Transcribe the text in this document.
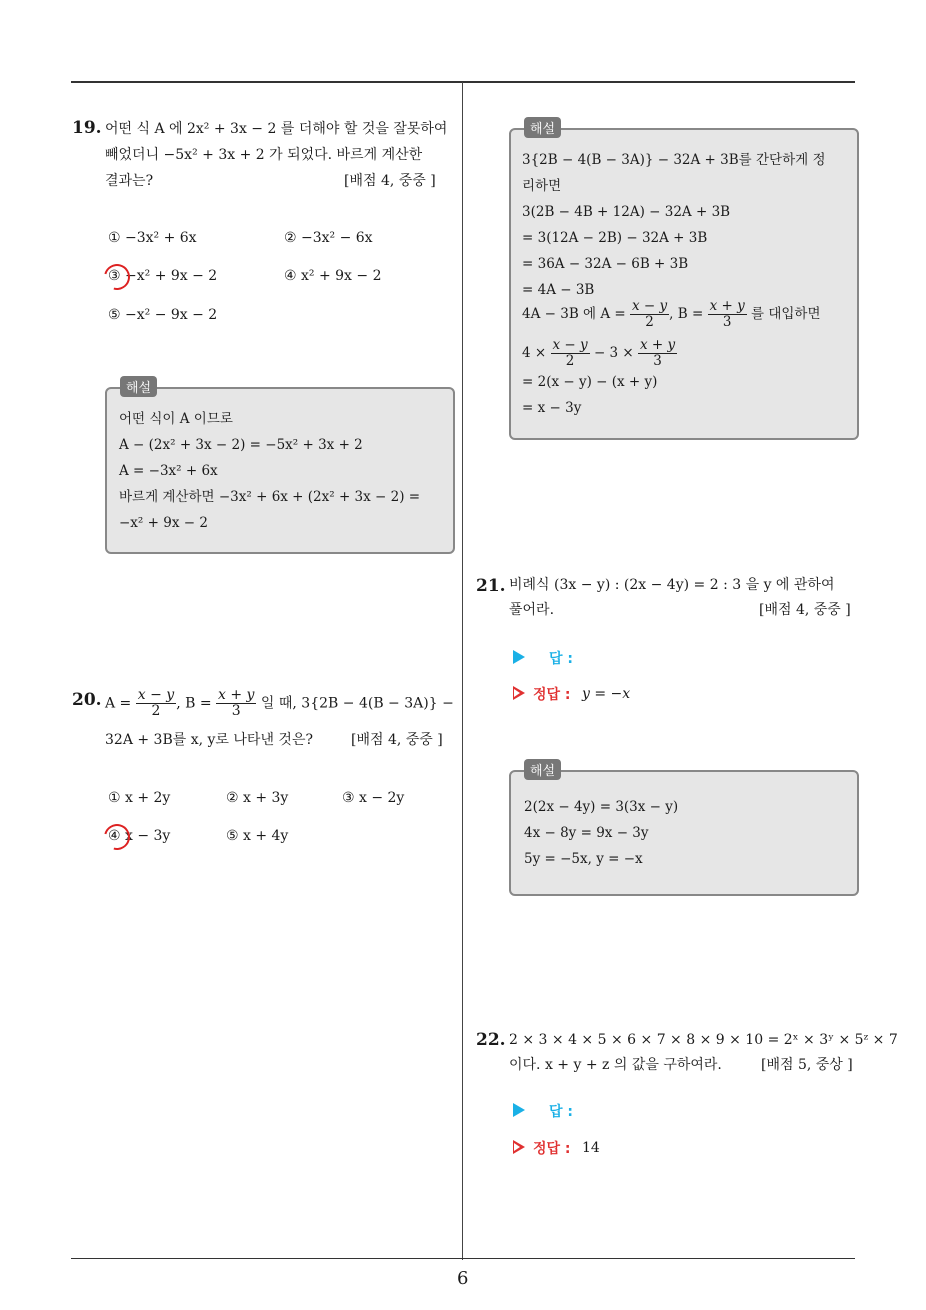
6
19. 어떤 식 A 에 2x² + 3x − 2 를 더해야 할 것을 잘못하여
빼었더니 −5x² + 3x + 2 가 되었다. 바르게 계산한
결과는?	[배점 4, 중중 ]
① −3x² + 6x	② −3x² − 6x
③ −x² + 9x − 2	④ x² + 9x − 2
⑤ −x² − 9x − 2
해설
어떤 식이 A 이므로
A − (2x² + 3x − 2) = −5x² + 3x + 2
A = −3x² + 6x
바르게 계산하면 −3x² + 6x + (2x² + 3x − 2) =
−x² + 9x − 2
20. $A = \frac{x - y}{2}$ , $B = \frac{x + y}{3}$ 일 때, 3{2B − 4(B − 3A)} −
32A + 3B를 x, y로 나타낸 것은?	[배점 4, 중중 ]
① x + 2y	② x + 3y	③ x − 2y
④ x − 3y	⑤ x + 4y
해설
3{2B − 4(B − 3A)} − 32A + 3B를 간단하게 정
리하면
3(2B − 4B + 12A) − 32A + 3B
= 3(12A − 2B) − 32A + 3B
= 36A − 32A − 6B + 3B
= 4A − 3B
4A − 3B 에 $A = \frac{x - y}{2}$ , $B = \frac{x + y}{3}$ 를 대입하면
$4 \times \frac{x - y}{2} - 3 \times \frac{x + y}{3}$
= 2(x − y) − (x + y)
= x − 3y
21. 비례식 (3x − y) : (2x − 4y) = 2 : 3 을 y 에 관하여
풀어라.	[배점 4, 중중 ]
답 :
정답 : y = −x
해설
2(2x − 4y) = 3(3x − y)
4x − 8y = 9x − 3y
5y = −5x, y = −x
22. 2 × 3 × 4 × 5 × 6 × 7 × 8 × 9 × 10 = 2ˣ × 3ʸ × 5ᶻ × 7
이다. x + y + z 의 값을 구하여라.	[배점 5, 중상 ]
답 :
정답 : 14
